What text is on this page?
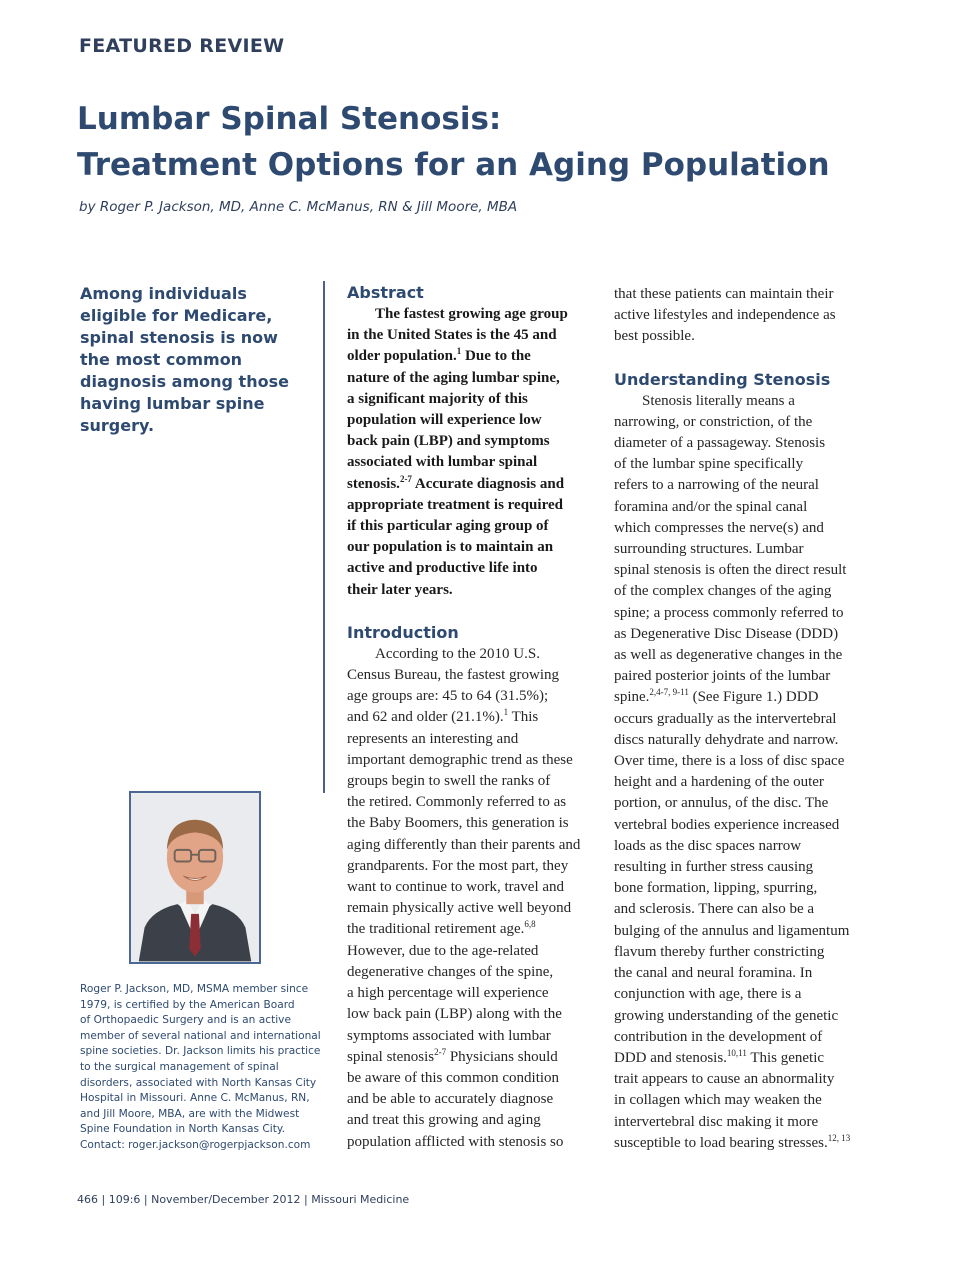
FEATURED REVIEW
Lumbar Spinal Stenosis:
Treatment Options for an Aging Population
by Roger P. Jackson, MD, Anne C. McManus, RN & Jill Moore, MBA
Among individuals eligible for Medicare, spinal stenosis is now the most common diagnosis among those having lumbar spine surgery.
Roger P. Jackson, MD, MSMA member since
1979, is certified by the American Board
of Orthopaedic Surgery and is an active
member of several national and international
spine societies. Dr. Jackson limits his practice
to the surgical management of spinal
disorders, associated with North Kansas City
Hospital in Missouri. Anne C. McManus, RN,
and Jill Moore, MBA, are with the Midwest
Spine Foundation in North Kansas City.
Contact: roger.jackson@rogerpjackson.com
Abstract
The fastest growing age group
in the United States is the 45 and
older population.$^1$ Due to the
nature of the aging lumbar spine,
a significant majority of this
population will experience low
back pain (LBP) and symptoms
associated with lumbar spinal
stenosis.$^{2-7}$ Accurate diagnosis and
appropriate treatment is required
if this particular aging group of
our population is to maintain an
active and productive life into
their later years.
Introduction
According to the 2010 U.S.
Census Bureau, the fastest growing
age groups are: 45 to 64 (31.5%);
and 62 and older (21.1%).$^1$ This
represents an interesting and
important demographic trend as these
groups begin to swell the ranks of
the retired. Commonly referred to as
the Baby Boomers, this generation is
aging differently than their parents and
grandparents. For the most part, they
want to continue to work, travel and
remain physically active well beyond
the traditional retirement age.$^{6,8}$
However, due to the age-related
degenerative changes of the spine,
a high percentage will experience
low back pain (LBP) along with the
symptoms associated with lumbar
spinal stenosis$^{2-7}$ Physicians should
be aware of this common condition
and be able to accurately diagnose
and treat this growing and aging
population afflicted with stenosis so
that these patients can maintain their
active lifestyles and independence as
best possible.
Understanding Stenosis
Stenosis literally means a
narrowing, or constriction, of the
diameter of a passageway. Stenosis
of the lumbar spine specifically
refers to a narrowing of the neural
foramina and/or the spinal canal
which compresses the nerve(s) and
surrounding structures. Lumbar
spinal stenosis is often the direct result
of the complex changes of the aging
spine; a process commonly referred to
as Degenerative Disc Disease (DDD)
as well as degenerative changes in the
paired posterior joints of the lumbar
spine.$^{2,4-7, 9-11}$ (See Figure 1.) DDD
occurs gradually as the intervertebral
discs naturally dehydrate and narrow.
Over time, there is a loss of disc space
height and a hardening of the outer
portion, or annulus, of the disc. The
vertebral bodies experience increased
loads as the disc spaces narrow
resulting in further stress causing
bone formation, lipping, spurring,
and sclerosis. There can also be a
bulging of the annulus and ligamentum
flavum thereby further constricting
the canal and neural foramina. In
conjunction with age, there is a
growing understanding of the genetic
contribution in the development of
DDD and stenosis.$^{10,11}$ This genetic
trait appears to cause an abnormality
in collagen which may weaken the
intervertebral disc making it more
susceptible to load bearing stresses.$^{12, 13}$
466 | 109:6 | November/December 2012 | Missouri Medicine
